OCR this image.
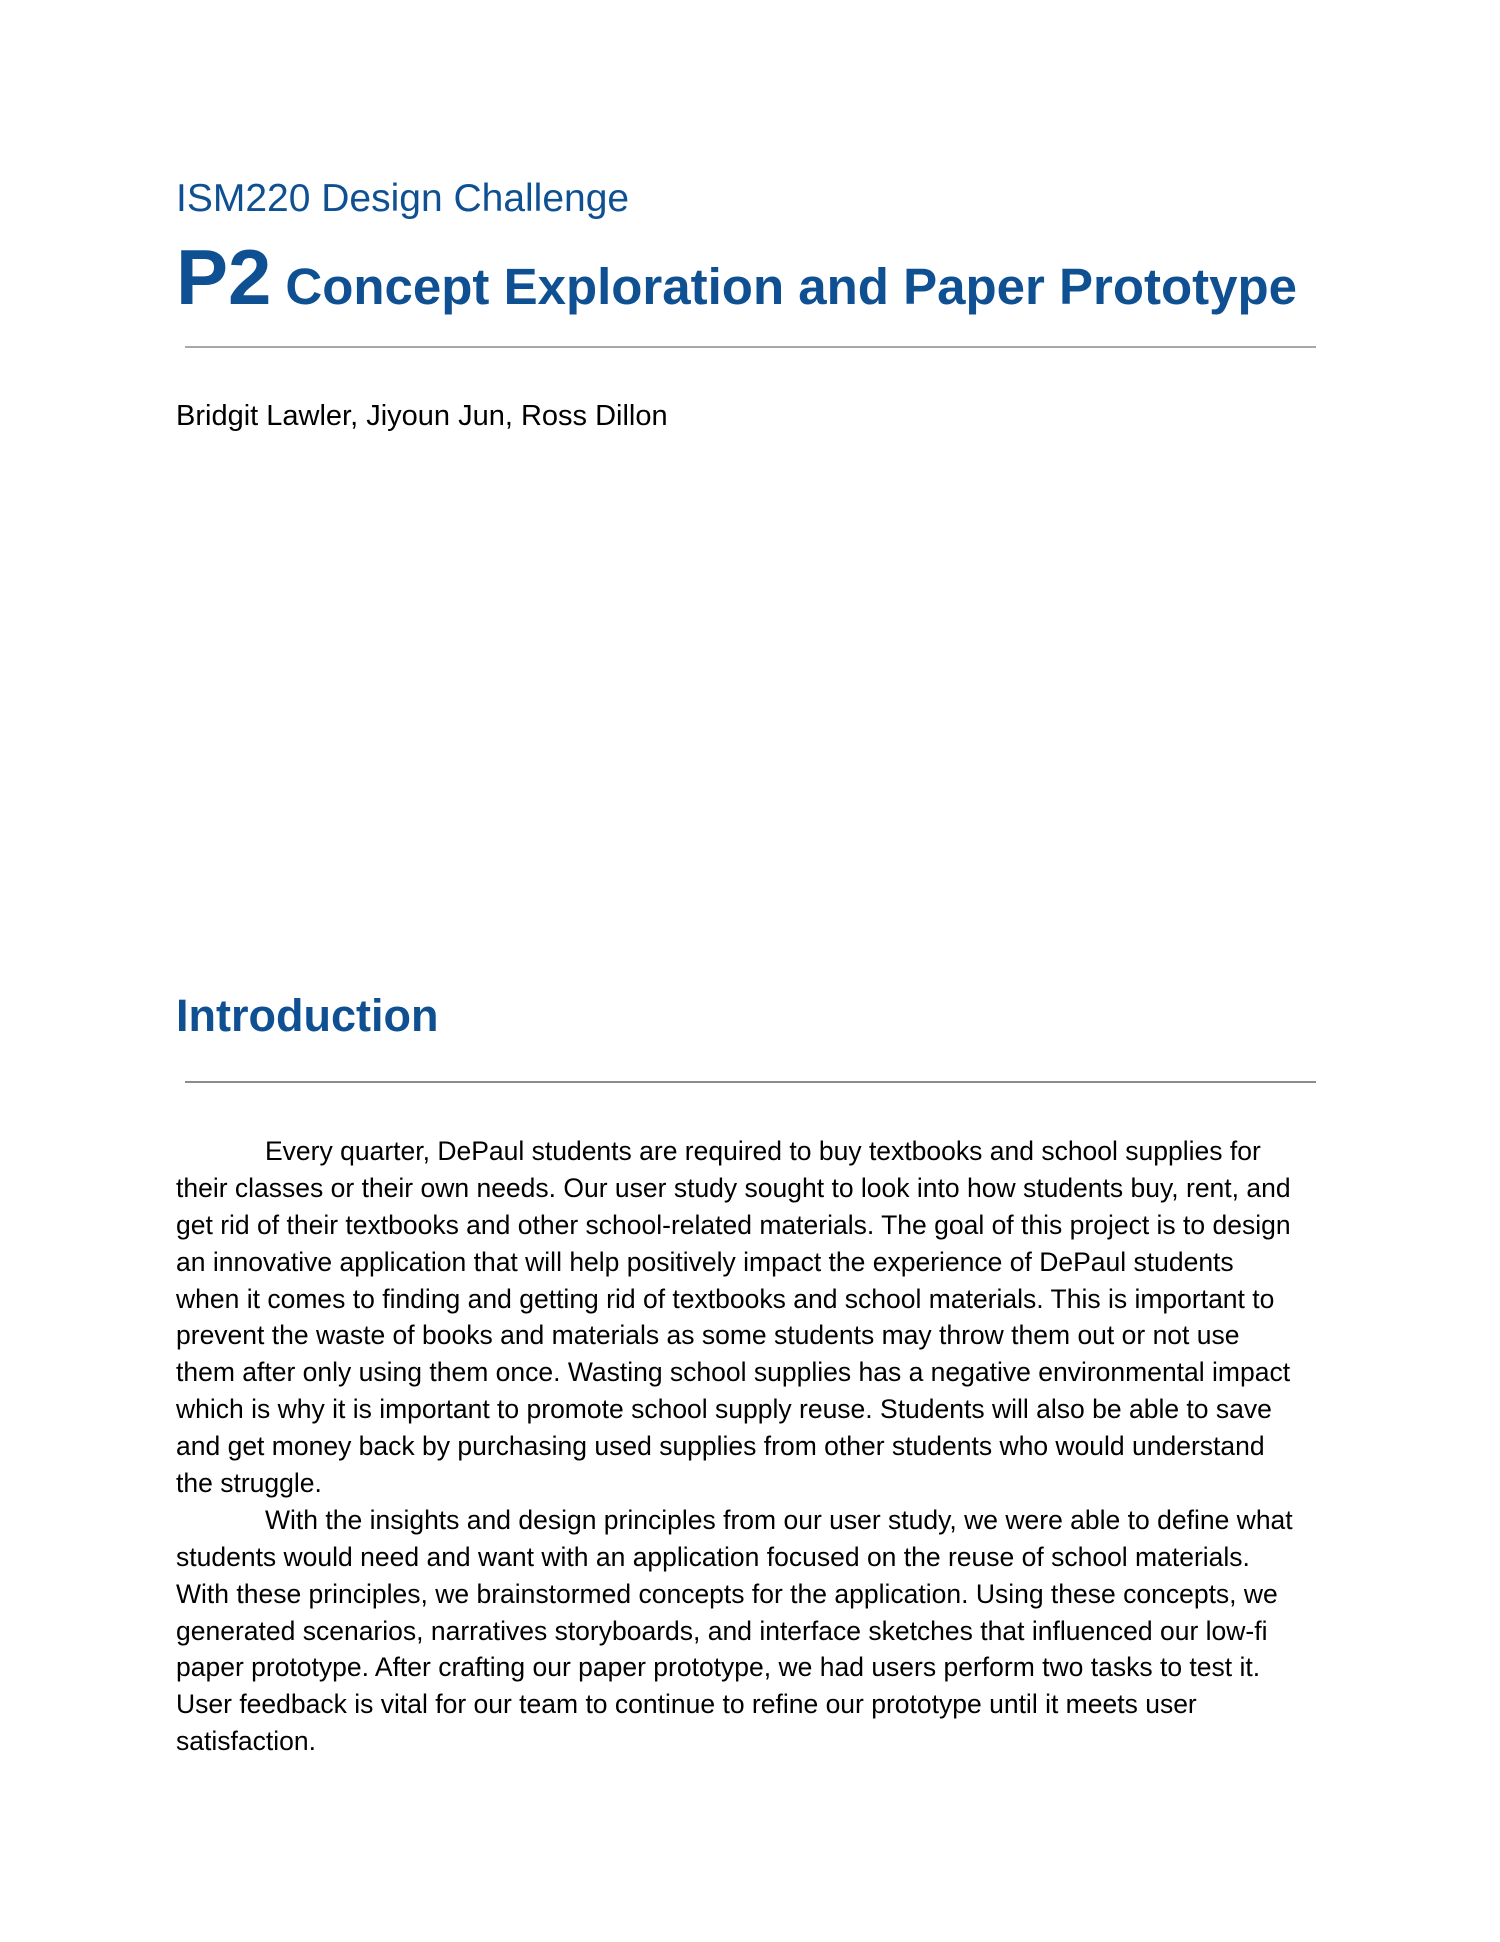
ISM220 Design Challenge
P2 Concept Exploration and Paper Prototype
Bridgit Lawler, Jiyoun Jun, Ross Dillon
Introduction
Every quarter, DePaul students are required to buy textbooks and school supplies for
their classes or their own needs. Our user study sought to look into how students buy, rent, and
get rid of their textbooks and other school-related materials. The goal of this project is to design
an innovative application that will help positively impact the experience of DePaul students
when it comes to finding and getting rid of textbooks and school materials. This is important to
prevent the waste of books and materials as some students may throw them out or not use
them after only using them once. Wasting school supplies has a negative environmental impact
which is why it is important to promote school supply reuse. Students will also be able to save
and get money back by purchasing used supplies from other students who would understand
the struggle.
With the insights and design principles from our user study, we were able to define what
students would need and want with an application focused on the reuse of school materials.
With these principles, we brainstormed concepts for the application. Using these concepts, we
generated scenarios, narratives storyboards, and interface sketches that influenced our low-fi
paper prototype. After crafting our paper prototype, we had users perform two tasks to test it.
User feedback is vital for our team to continue to refine our prototype until it meets user
satisfaction.
